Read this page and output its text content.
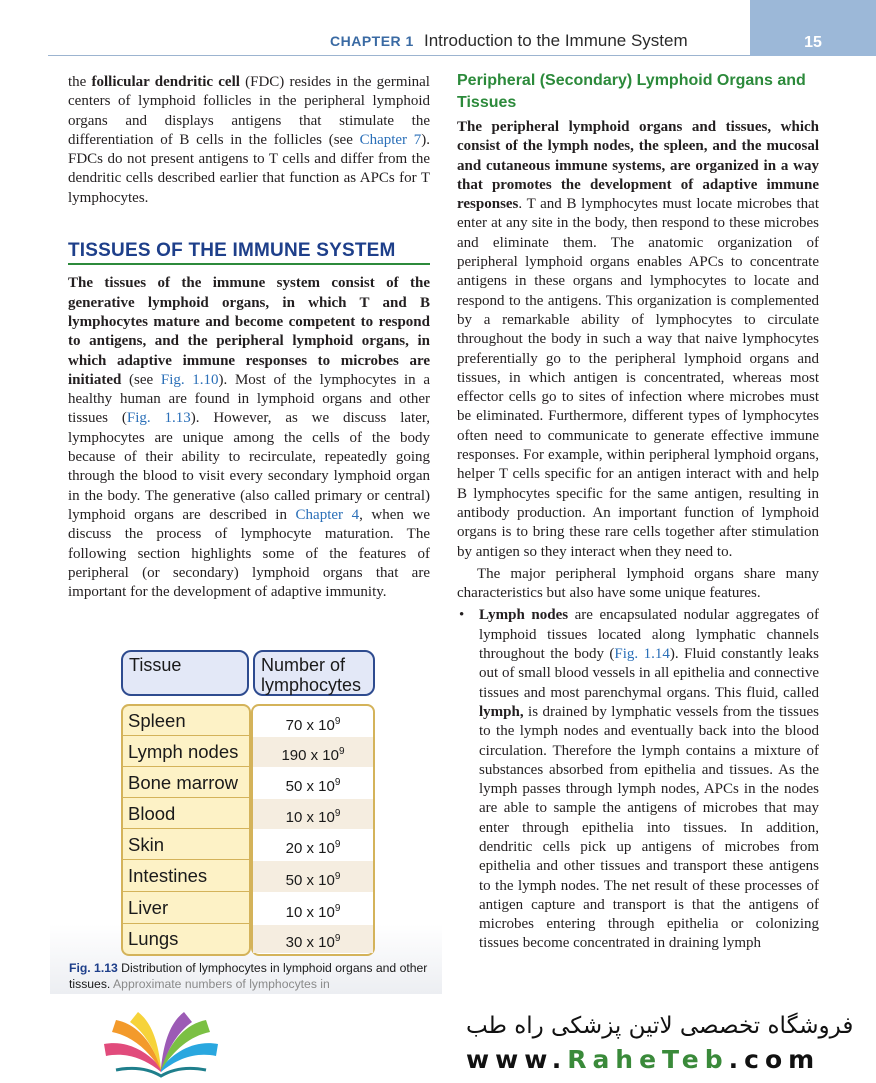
CHAPTER 1 Introduction to the Immune System	15

the follicular dendritic cell (FDC) resides in the germinal centers of lymphoid follicles in the peripheral lymphoid organs and displays antigens that stimulate the differentiation of B cells in the follicles (see Chapter 7). FDCs do not present antigens to T cells and differ from the dendritic cells described earlier that function as APCs for T lymphocytes.

TISSUES OF THE IMMUNE SYSTEM

The tissues of the immune system consist of the generative lymphoid organs, in which T and B lymphocytes mature and become competent to respond to antigens, and the peripheral lymphoid organs, in which adaptive immune responses to microbes are initiated (see Fig. 1.10). Most of the lymphocytes in a healthy human are found in lymphoid organs and other tissues (Fig. 1.13). However, as we discuss later, lymphocytes are unique among the cells of the body because of their ability to recirculate, repeatedly going through the blood to visit every secondary lymphoid organ in the body. The generative (also called primary or central) lymphoid organs are described in Chapter 4, when we discuss the process of lymphocyte maturation. The following section highlights some of the features of peripheral (or secondary) lymphoid organs that are important for the development of adaptive immunity.

Tissue	Number of lymphocytes
Spleen	70 x $10^9$
Lymph nodes	190 x $10^9$
Bone marrow	50 x $10^9$
Blood	10 x $10^9$
Skin	20 x $10^9$
Intestines	50 x $10^9$
Liver	10 x $10^9$
Lungs	30 x $10^9$
Fig. 1.13 Distribution of lymphocytes in lymphoid organs and other tissues. Approximate numbers of lymphocytes in
Peripheral (Secondary) Lymphoid Organs and Tissues

The peripheral lymphoid organs and tissues, which consist of the lymph nodes, the spleen, and the mucosal and cutaneous immune systems, are organized in a way that promotes the development of adaptive immune responses. T and B lymphocytes must locate microbes that enter at any site in the body, then respond to these microbes and eliminate them. The anatomic organization of peripheral lymphoid organs enables APCs to concentrate antigens in these organs and lymphocytes to locate and respond to the antigens. This organization is complemented by a remarkable ability of lymphocytes to circulate throughout the body in such a way that naive lymphocytes preferentially go to the peripheral lymphoid organs and tissues, in which antigen is concentrated, whereas most effector cells go to sites of infection where microbes must be eliminated. Furthermore, different types of lymphocytes often need to communicate to generate effective immune responses. For example, within peripheral lymphoid organs, helper T cells specific for an antigen interact with and help B lymphocytes specific for the same antigen, resulting in antibody production. An important function of lymphoid organs is to bring these rare cells together after stimulation by antigen so they interact when they need to.

The major peripheral lymphoid organs share many characteristics but also have some unique features.

• Lymph nodes are encapsulated nodular aggregates of lymphoid tissues located along lymphatic channels throughout the body (Fig. 1.14). Fluid constantly leaks out of small blood vessels in all epithelia and connective tissues and most parenchymal organs. This fluid, called lymph, is drained by lymphatic vessels from the tissues to the lymph nodes and eventually back into the blood circulation. Therefore the lymph contains a mixture of substances absorbed from epithelia and tissues. As the lymph passes through lymph nodes, APCs in the nodes are able to sample the antigens of microbes that may enter through epithelia into tissues. In addition, dendritic cells pick up antigens of microbes from epithelia and other tissues and transport these antigens to the lymph nodes. The net result of these processes of antigen capture and transport is that the antigens of microbes entering through epithelia or colonizing tissues become concentrated in draining lymph

فروشگاه تخصصی لاتین پزشکی راه طب
www.RaheTeb.com
